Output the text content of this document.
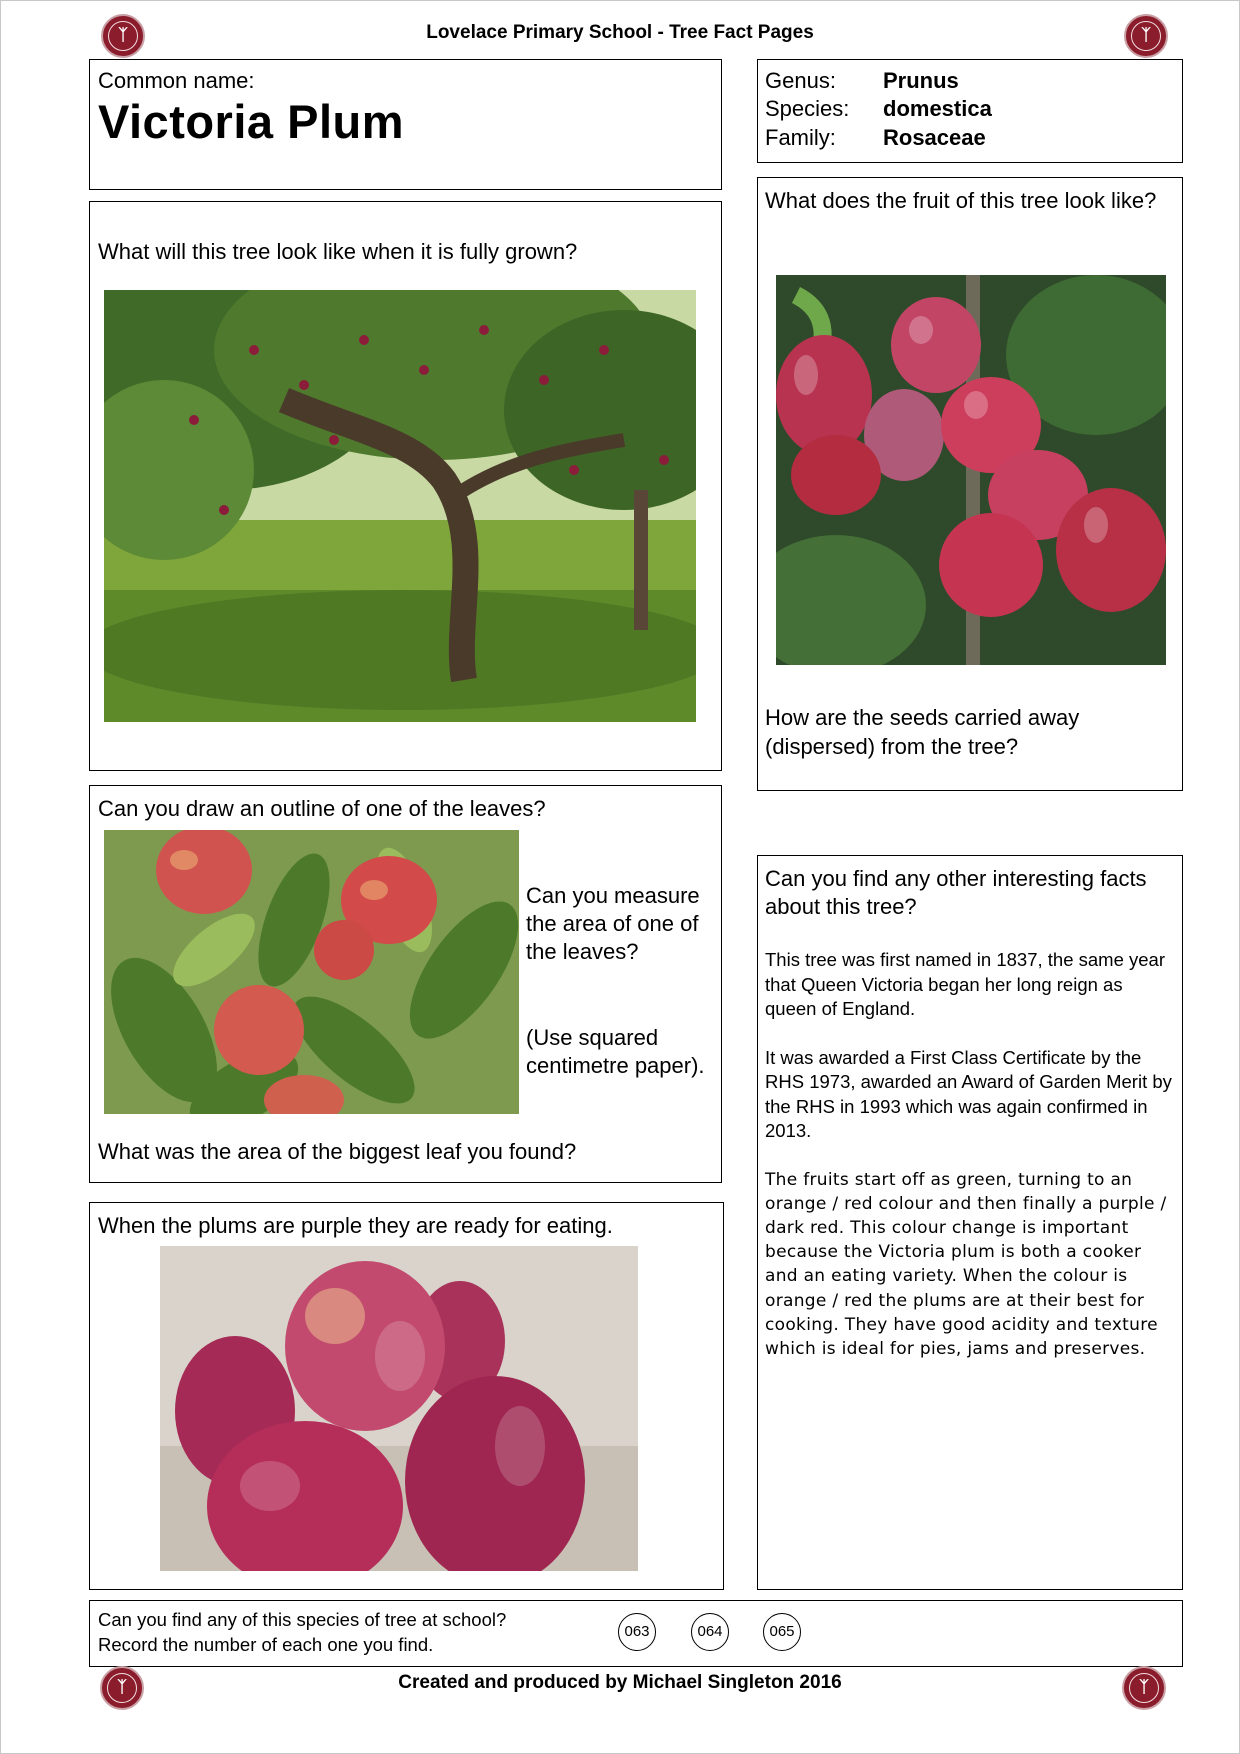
ᛉ	Lovelace Primary School - Tree Fact Pages	ᛉ
Common name:
Victoria Plum
Genus: Prunus
Species: domestica
Family: Rosaceae
What will this tree look like when it is fully grown?
What does the fruit of this tree look like?
How are the seeds carried away (dispersed) from the tree?
Can you draw an outline of one of the leaves?
Can you measure the area of one of the leaves?
(Use squared centimetre paper).
What was the area of the biggest leaf you found?
When the plums are purple they are ready for eating.
Can you find any other interesting facts about this tree?

This tree was first named in 1837, the same year that Queen Victoria began her long reign as queen of England.

It was awarded a First Class Certificate by the RHS 1973, awarded an Award of Garden Merit by the RHS in 1993 which was again confirmed in 2013.

The fruits start off as green, turning to an orange / red colour and then finally a purple / dark red. This colour change is important because the Victoria plum is both a cooker and an eating variety. When the colour is orange / red the plums are at their best for cooking. They have good acidity and texture which is ideal for pies, jams and preserves.

Can you find any of this species of tree at school?
Record the number of each one you find.
063	064	065
ᛉ	Created and produced by Michael Singleton 2016	ᛉ
